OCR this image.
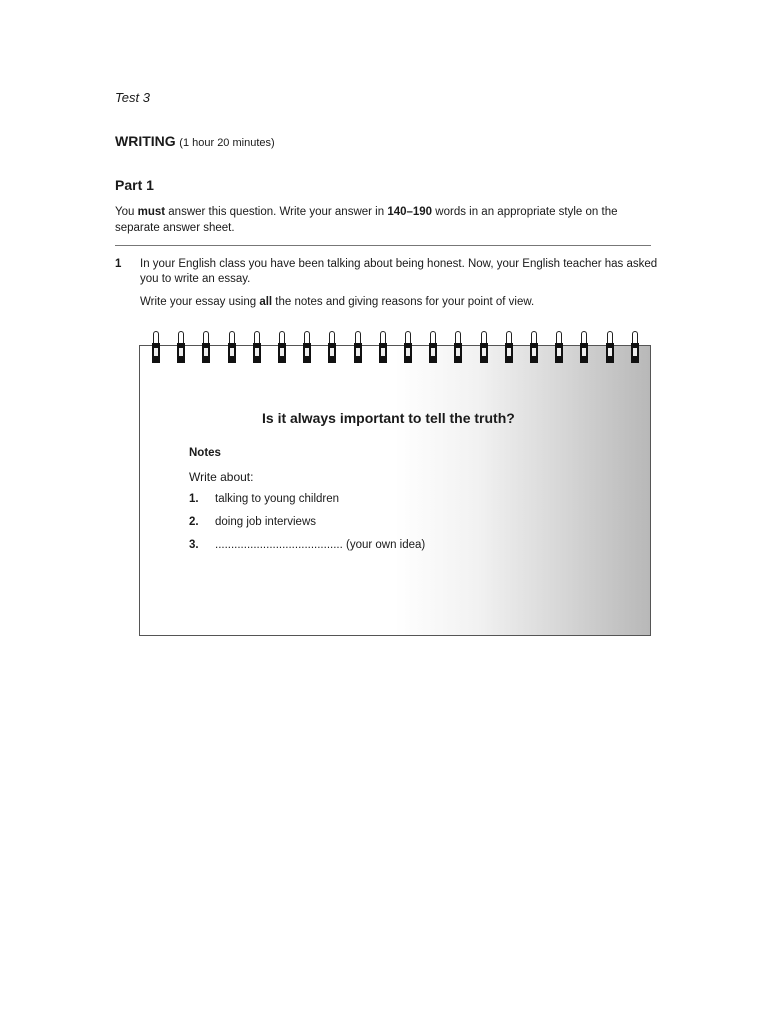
Test 3
WRITING (1 hour 20 minutes)
Part 1
You must answer this question. Write your answer in 140–190 words in an appropriate style on the separate answer sheet.
1 In your English class you have been talking about being honest. Now, your English teacher has asked you to write an essay.
Write your essay using all the notes and giving reasons for your point of view.
Is it always important to tell the truth?
Notes
Write about:
1. talking to young children
2. doing job interviews
3. ........................................ (your own idea)
